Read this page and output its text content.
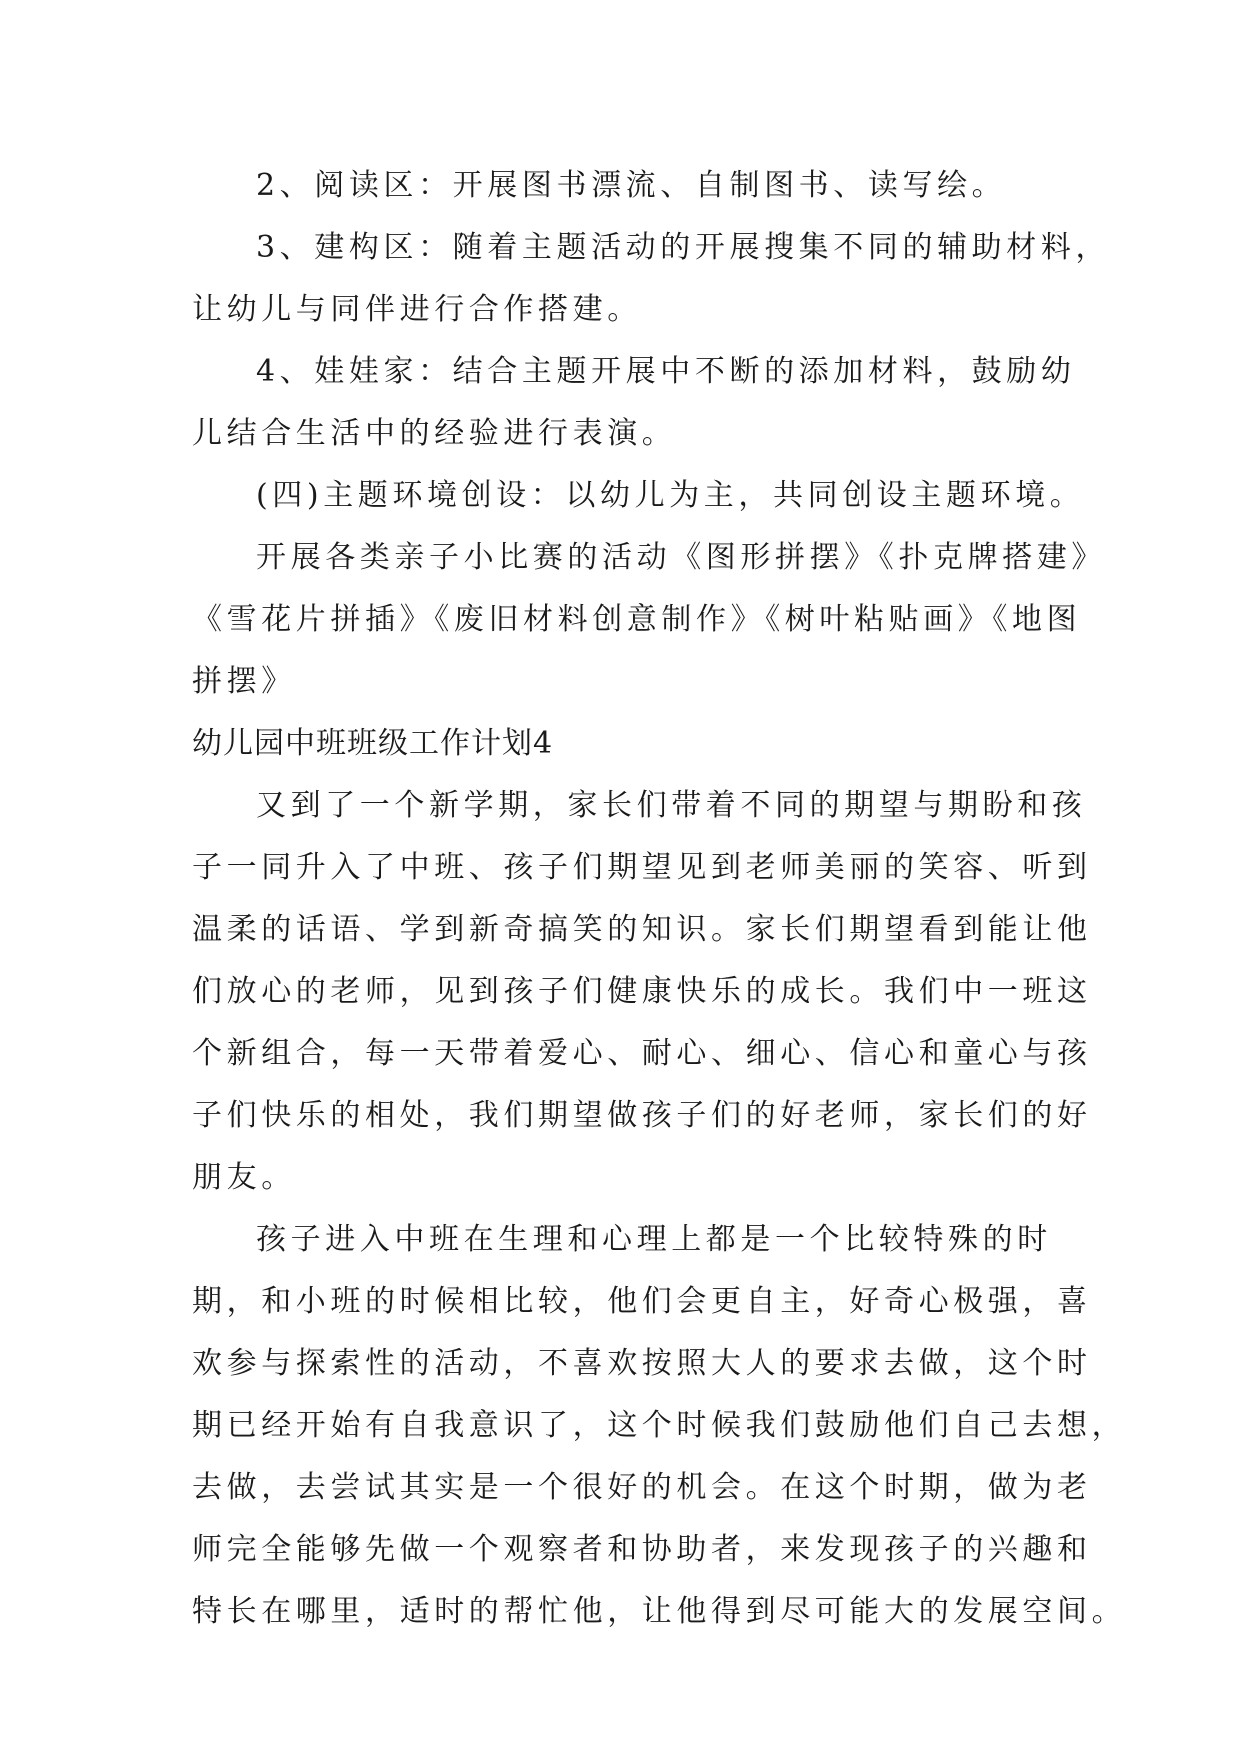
2、阅读区：开展图书漂流、自制图书、读写绘。
3、建构区：随着主题活动的开展搜集不同的辅助材料，
让幼儿与同伴进行合作搭建。
4、娃娃家：结合主题开展中不断的添加材料，鼓励幼
儿结合生活中的经验进行表演。
(四)主题环境创设：以幼儿为主，共同创设主题环境。
开展各类亲子小比赛的活动《图形拼摆》《扑克牌搭建》
《雪花片拼插》《废旧材料创意制作》《树叶粘贴画》《地图
拼摆》
幼儿园中班班级工作计划4
又到了一个新学期，家长们带着不同的期望与期盼和孩
子一同升入了中班、孩子们期望见到老师美丽的笑容、听到
温柔的话语、学到新奇搞笑的知识。家长们期望看到能让他
们放心的老师，见到孩子们健康快乐的成长。我们中一班这
个新组合，每一天带着爱心、耐心、细心、信心和童心与孩
子们快乐的相处，我们期望做孩子们的好老师，家长们的好
朋友。
孩子进入中班在生理和心理上都是一个比较特殊的时
期，和小班的时候相比较，他们会更自主，好奇心极强，喜
欢参与探索性的活动，不喜欢按照大人的要求去做，这个时
期已经开始有自我意识了，这个时候我们鼓励他们自己去想，
去做，去尝试其实是一个很好的机会。在这个时期，做为老
师完全能够先做一个观察者和协助者，来发现孩子的兴趣和
特长在哪里，适时的帮忙他，让他得到尽可能大的发展空间。
